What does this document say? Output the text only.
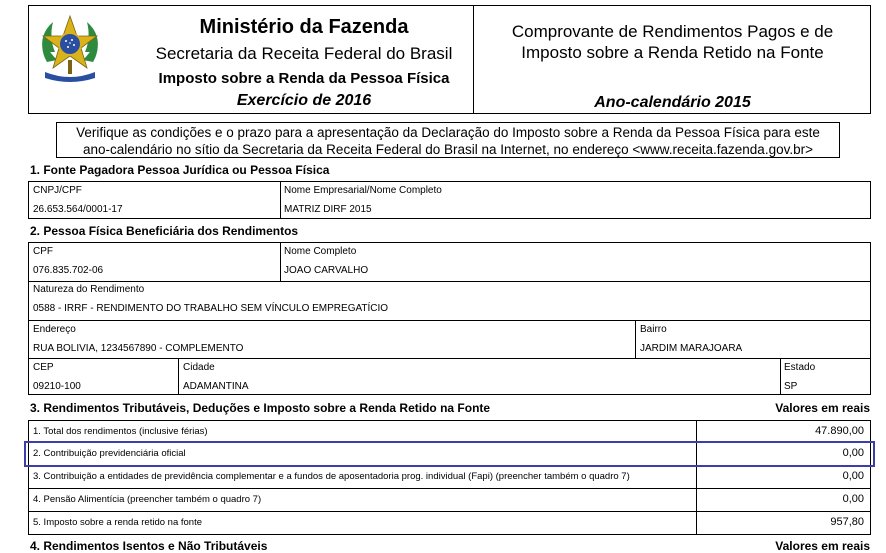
Ministério da Fazenda
Secretaria da Receita Federal do Brasil
Imposto sobre a Renda da Pessoa Física
Exercício de 2016
Comprovante de Rendimentos Pagos e de
Imposto sobre a Renda Retido na Fonte
Ano-calendário 2015
Verifique as condições e o prazo para a apresentação da Declaração do Imposto sobre a Renda da Pessoa Física para este
ano-calendário no sítio da Secretaria da Receita Federal do Brasil na Internet, no endereço <www.receita.fazenda.gov.br>
1. Fonte Pagadora Pessoa Jurídica ou Pessoa Física
CNPJ/CPF
26.653.564/0001-17
Nome Empresarial/Nome Completo
MATRIZ DIRF 2015
2. Pessoa Física Beneficiária dos Rendimentos
CPF
076.835.702-06
Nome Completo
JOAO CARVALHO
Natureza do Rendimento
0588 - IRRF - RENDIMENTO DO TRABALHO SEM VÍNCULO EMPREGATÍCIO
Endereço
RUA BOLIVIA, 1234567890 - COMPLEMENTO
Bairro
JARDIM MARAJOARA
CEP
09210-100
Cidade
ADAMANTINA
Estado
SP
3. Rendimentos Tributáveis, Deduções e Imposto sobre a Renda Retido na Fonte	Valores em reais
1. Total dos rendimentos (inclusive férias)	47.890,00
2. Contribuição previdenciária oficial	0,00
3. Contribuição a entidades de previdência complementar e a fundos de aposentadoria prog. individual (Fapi) (preencher também o quadro 7)	0,00
4. Pensão Alimentícia (preencher também o quadro 7)	0,00
5. Imposto sobre a renda retido na fonte	957,80
4. Rendimentos Isentos e Não Tributáveis	Valores em reais
